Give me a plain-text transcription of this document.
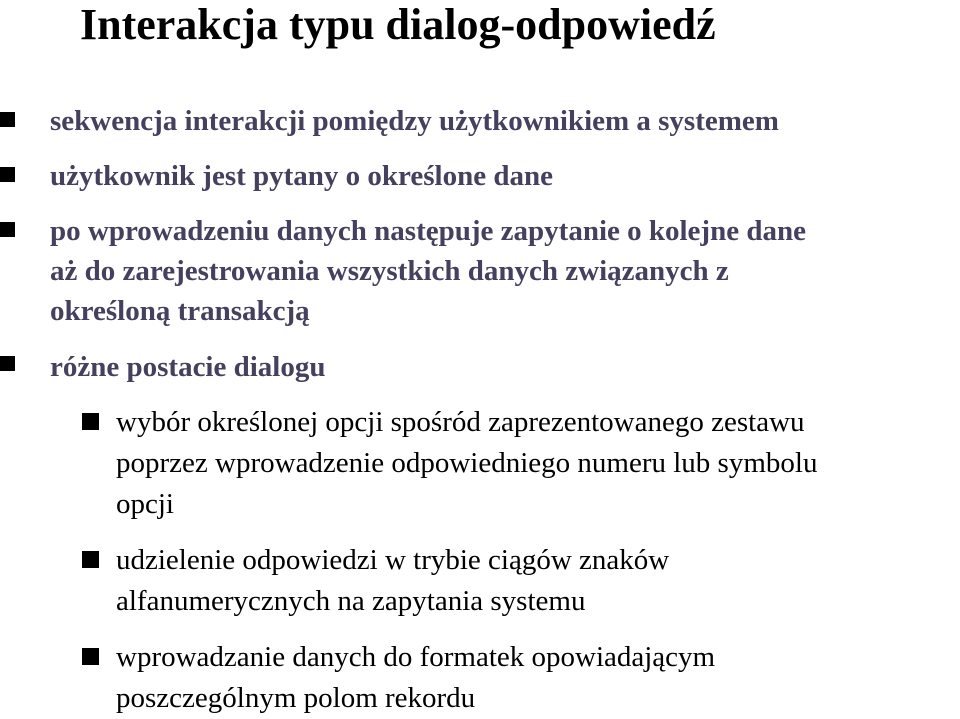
Interakcja typu dialog-odpowiedź
sekwencja interakcji pomiędzy użytkownikiem a systemem
użytkownik jest pytany o określone dane
po wprowadzeniu danych następuje zapytanie o kolejne dane
aż do zarejestrowania wszystkich danych związanych z
określoną transakcją
różne postacie dialogu
wybór określonej opcji spośród zaprezentowanego zestawu
poprzez wprowadzenie odpowiedniego numeru lub symbolu
opcji
udzielenie odpowiedzi w trybie ciągów znaków
alfanumerycznych na zapytania systemu
wprowadzanie danych do formatek opowiadającym
poszczególnym polom rekordu
